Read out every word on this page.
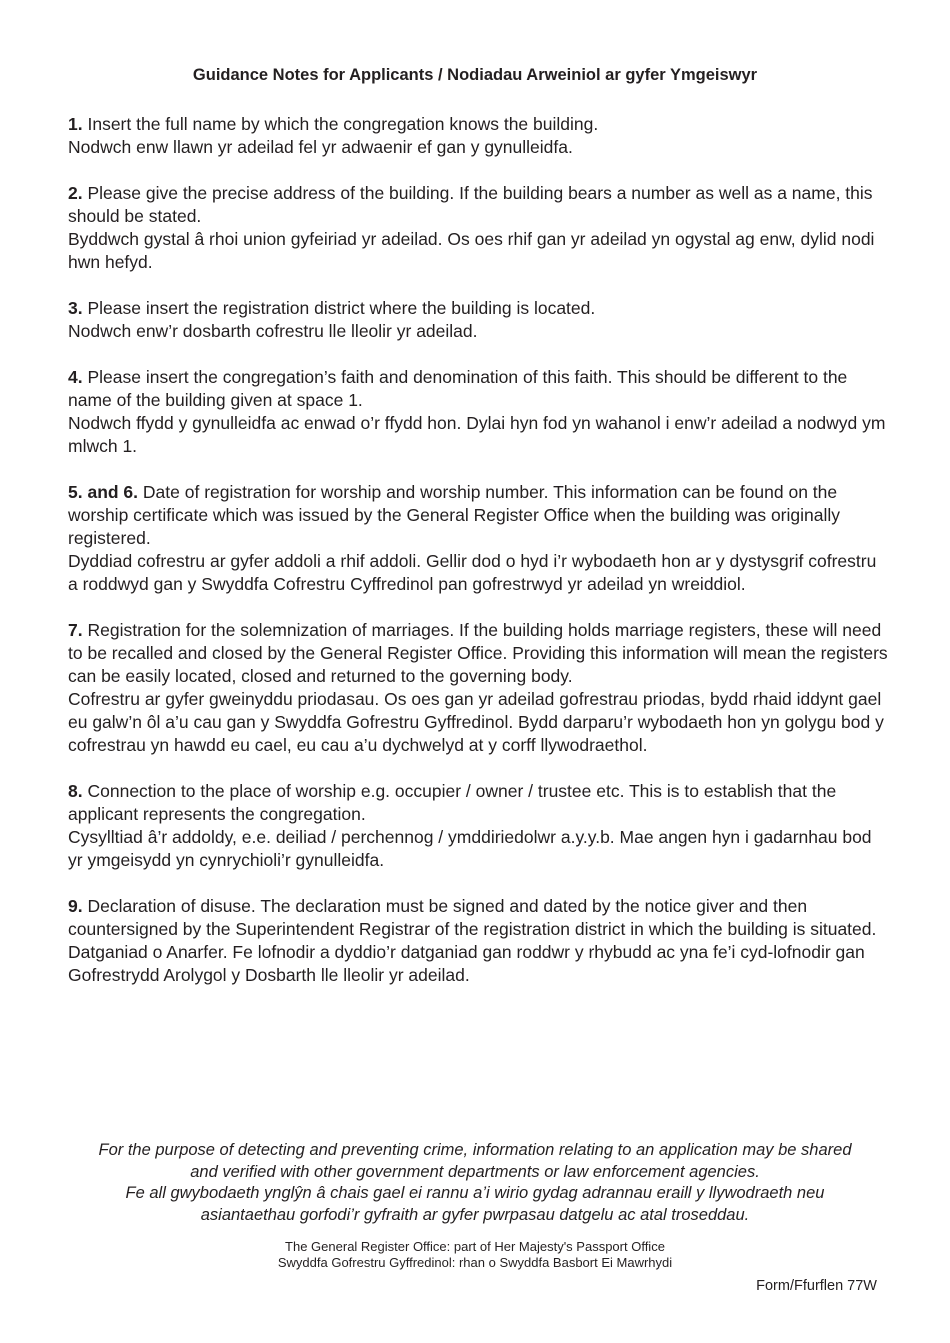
Guidance Notes for Applicants / Nodiadau Arweiniol ar gyfer Ymgeiswyr

1. Insert the full name by which the congregation knows the building.

Nodwch enw llawn yr adeilad fel yr adwaenir ef gan y gynulleidfa.

2. Please give the precise address of the building. If the building bears a number as well as a name, this should be stated.

Byddwch gystal â rhoi union gyfeiriad yr adeilad. Os oes rhif gan yr adeilad yn ogystal ag enw, dylid nodi hwn hefyd.

3. Please insert the registration district where the building is located.

Nodwch enw’r dosbarth cofrestru lle lleolir yr adeilad.

4. Please insert the congregation’s faith and denomination of this faith. This should be different to the name of the building given at space 1.

Nodwch ffydd y gynulleidfa ac enwad o’r ffydd hon. Dylai hyn fod yn wahanol i enw’r adeilad a nodwyd ym mlwch 1.

5. and 6. Date of registration for worship and worship number. This information can be found on the worship certificate which was issued by the General Register Office when the building was originally registered.

Dyddiad cofrestru ar gyfer addoli a rhif addoli. Gellir dod o hyd i’r wybodaeth hon ar y dystysgrif cofrestru a roddwyd gan y Swyddfa Cofrestru Cyffredinol pan gofrestrwyd yr adeilad yn wreiddiol.

7. Registration for the solemnization of marriages. If the building holds marriage registers, these will need to be recalled and closed by the General Register Office. Providing this information will mean the registers can be easily located, closed and returned to the governing body.

Cofrestru ar gyfer gweinyddu priodasau. Os oes gan yr adeilad gofrestrau priodas, bydd rhaid iddynt gael eu galw’n ôl a’u cau gan y Swyddfa Gofrestru Gyffredinol. Bydd darparu’r wybodaeth hon yn golygu bod y cofrestrau yn hawdd eu cael, eu cau a’u dychwelyd at y corff llywodraethol.

8. Connection to the place of worship e.g. occupier / owner / trustee etc. This is to establish that the applicant represents the congregation.

Cysylltiad â’r addoldy, e.e. deiliad / perchennog / ymddiriedolwr a.y.y.b. Mae angen hyn i gadarnhau bod yr ymgeisydd yn cynrychioli’r gynulleidfa.

9. Declaration of disuse. The declaration must be signed and dated by the notice giver and then countersigned by the Superintendent Registrar of the registration district in which the building is situated.

Datganiad o Anarfer. Fe lofnodir a dyddio’r datganiad gan roddwr y rhybudd ac yna fe’i cyd-lofnodir gan Gofrestrydd Arolygol y Dosbarth lle lleolir yr adeilad.

For the purpose of detecting and preventing crime, information relating to an application may be shared

and verified with other government departments or law enforcement agencies.

Fe all gwybodaeth ynglŷn â chais gael ei rannu a’i wirio gydag adrannau eraill y llywodraeth neu

asiantaethau gorfodi’r gyfraith ar gyfer pwrpasau datgelu ac atal troseddau.

The General Register Office: part of Her Majesty's Passport Office

Swyddfa Gofrestru Gyffredinol: rhan o Swyddfa Basbort Ei Mawrhydi

Form/Ffurflen 77W
